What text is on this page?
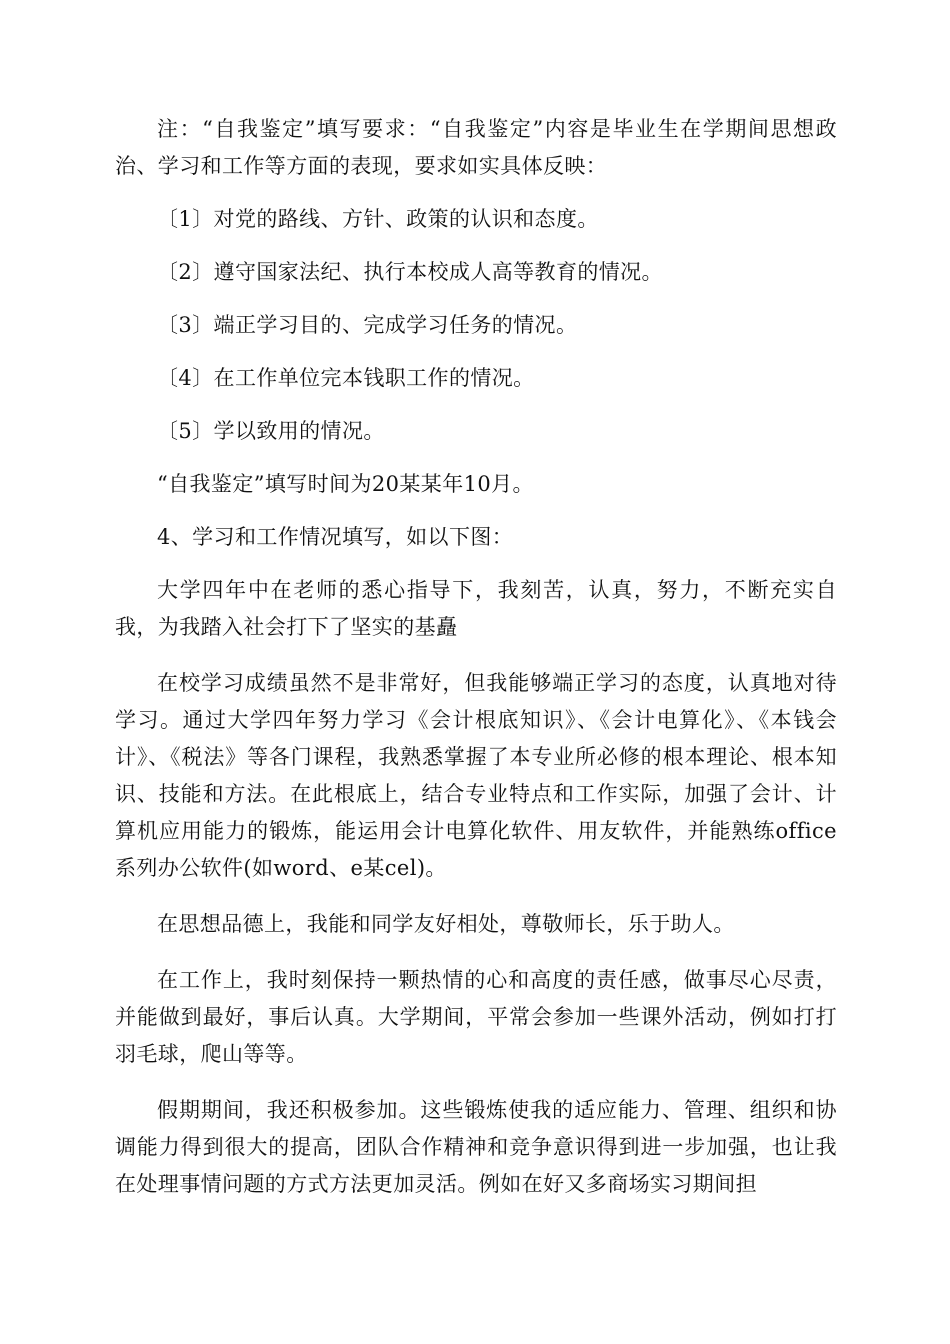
注：“自我鉴定”填写要求：“自我鉴定”内容是毕业生在学期间思想政治、学习和工作等方面的表现，要求如实具体反映：

〔1〕对党的路线、方针、政策的认识和态度。

〔2〕遵守国家法纪、执行本校成人高等教育的情况。

〔3〕端正学习目的、完成学习任务的情况。

〔4〕在工作单位完本钱职工作的情况。

〔5〕学以致用的情况。

“自我鉴定”填写时间为20某某年10月。

4、学习和工作情况填写，如以下图：

大学四年中在老师的悉心指导下，我刻苦，认真，努力，不断充实自我，为我踏入社会打下了坚实的基矗

在校学习成绩虽然不是非常好，但我能够端正学习的态度，认真地对待学习。通过大学四年努力学习《会计根底知识》、《会计电算化》、《本钱会计》、《税法》等各门课程，我熟悉掌握了本专业所必修的根本理论、根本知识、技能和方法。在此根底上，结合专业特点和工作实际，加强了会计、计算机应用能力的锻炼，能运用会计电算化软件、用友软件，并能熟练office系列办公软件(如word、e某cel)。

在思想品德上，我能和同学友好相处，尊敬师长，乐于助人。

在工作上，我时刻保持一颗热情的心和高度的责任感，做事尽心尽责，并能做到最好，事后认真。大学期间，平常会参加一些课外活动，例如打打羽毛球，爬山等等。

假期期间，我还积极参加。这些锻炼使我的适应能力、管理、组织和协调能力得到很大的提高，团队合作精神和竞争意识得到进一步加强，也让我在处理事情问题的方式方法更加灵活。例如在好又多商场实习期间担
